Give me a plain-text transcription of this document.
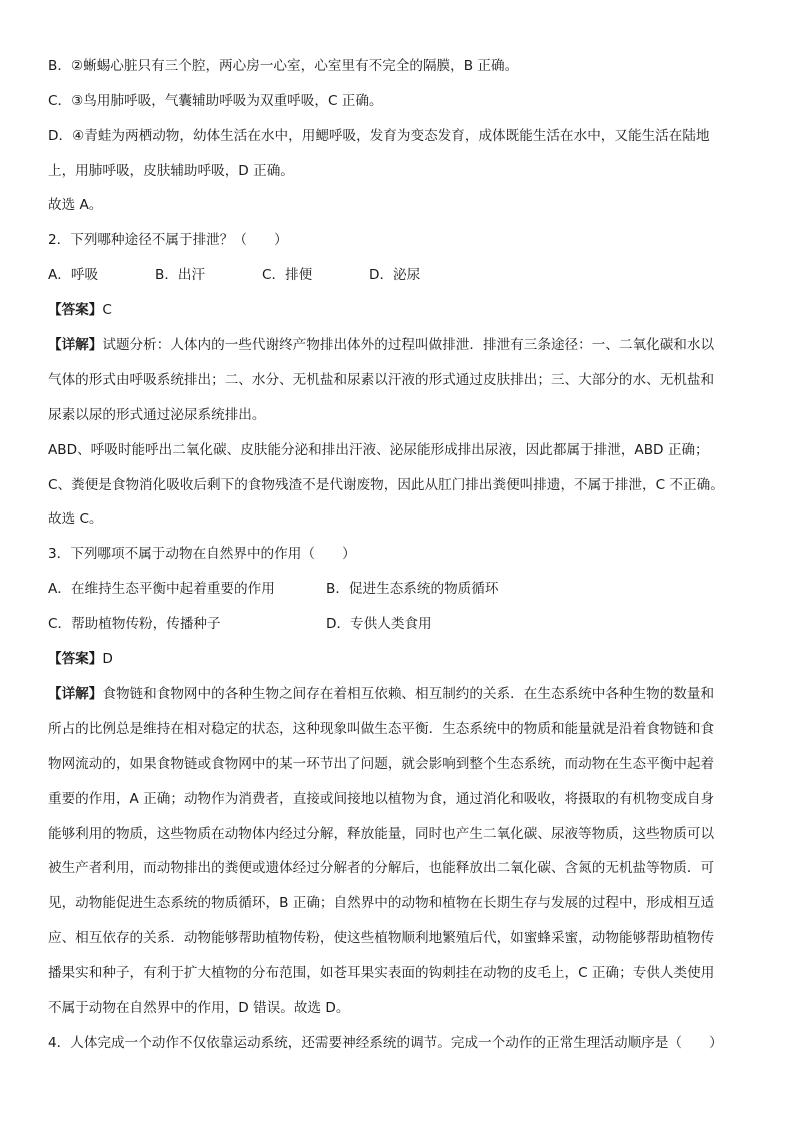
B．②蜥蜴心脏只有三个腔，两心房一心室，心室里有不完全的隔膜，B 正确。
C．③鸟用肺呼吸，气囊辅助呼吸为双重呼吸，C 正确。
D．④青蛙为两栖动物，幼体生活在水中，用鳃呼吸，发育为变态发育，成体既能生活在水中，又能生活在陆地
上，用肺呼吸，皮肤辅助呼吸，D 正确。
故选 A。
2．下列哪种途径不属于排泄？（　　）
A．呼吸	B．出汗	C．排便	D．泌尿
【答案】C
【详解】试题分析：人体内的一些代谢终产物排出体外的过程叫做排泄．排泄有三条途径：一、二氧化碳和水以
气体的形式由呼吸系统排出；二、水分、无机盐和尿素以汗液的形式通过皮肤排出；三、大部分的水、无机盐和
尿素以尿的形式通过泌尿系统排出。
ABD、呼吸时能呼出二氧化碳、皮肤能分泌和排出汗液、泌尿能形成排出尿液，因此都属于排泄，ABD 正确；
C、粪便是食物消化吸收后剩下的食物残渣不是代谢废物，因此从肛门排出粪便叫排遗，不属于排泄，C 不正确。
故选 C。
3．下列哪项不属于动物在自然界中的作用（　　）
A．在维持生态平衡中起着重要的作用	B．促进生态系统的物质循环
C．帮助植物传粉，传播种子	D．专供人类食用
【答案】D
【详解】食物链和食物网中的各种生物之间存在着相互依赖、相互制约的关系．在生态系统中各种生物的数量和
所占的比例总是维持在相对稳定的状态，这种现象叫做生态平衡．生态系统中的物质和能量就是沿着食物链和食
物网流动的，如果食物链或食物网中的某一环节出了问题，就会影响到整个生态系统，而动物在生态平衡中起着
重要的作用，A 正确；动物作为消费者，直接或间接地以植物为食，通过消化和吸收，将摄取的有机物变成自身
能够利用的物质，这些物质在动物体内经过分解，释放能量，同时也产生二氧化碳、尿液等物质，这些物质可以
被生产者利用，而动物排出的粪便或遗体经过分解者的分解后，也能释放出二氧化碳、含氮的无机盐等物质．可
见，动物能促进生态系统的物质循环，B 正确；自然界中的动物和植物在长期生存与发展的过程中，形成相互适
应、相互依存的关系．动物能够帮助植物传粉，使这些植物顺利地繁殖后代，如蜜蜂采蜜，动物能够帮助植物传
播果实和种子，有利于扩大植物的分布范围，如苍耳果实表面的钩刺挂在动物的皮毛上，C 正确；专供人类使用
不属于动物在自然界中的作用，D 错误。故选 D。
4．人体完成一个动作不仅依靠运动系统，还需要神经系统的调节。完成一个动作的正常生理活动顺序是（　　）
